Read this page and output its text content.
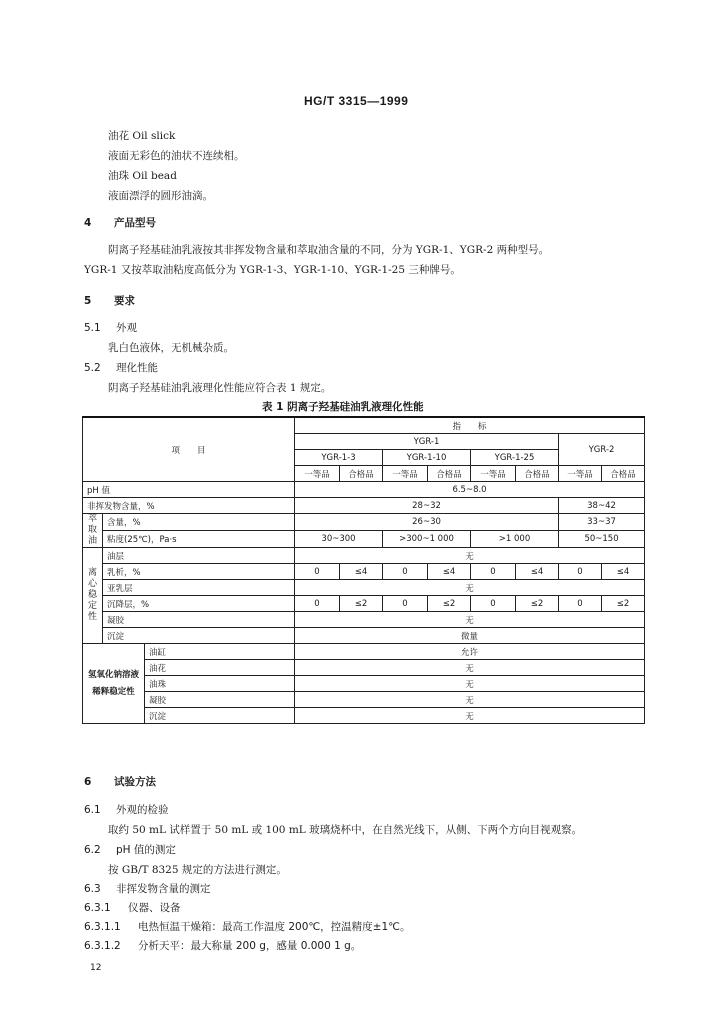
HG/T 3315—1999
油花 Oil slick
液面无彩色的油状不连续相。
油珠 Oil bead
液面漂浮的圆形油滴。
4 产品型号
阴离子羟基硅油乳液按其非挥发物含量和萃取油含量的不同，分为 YGR-1、YGR-2 两种型号。
YGR-1 又按萃取油粘度高低分为 YGR-1-3、YGR-1-10、YGR-1-25 三种牌号。
5 要求
5.1 外观
乳白色液体，无机械杂质。
5.2 理化性能
阴离子羟基硅油乳液理化性能应符合表 1 规定。
表 1 阴离子羟基硅油乳液理化性能
项　　目			指　　标							
			YGR-1						YGR-2	
			YGR-1-3		YGR-1-10		YGR-1-25			
			一等品	合格品	一等品	合格品	一等品	合格品	一等品	合格品
pH 值			6.5~8.0							
非挥发物含量，%			28~32						38~42	
萃取油	含量，%		26~30						33~37	
	粘度(25℃)，Pa·s		30~300		>300~1 000		>1 000		50~150	
离心稳定性	油层		无							
	乳析，%		0	≤4	0	≤4	0	≤4	0	≤4
	亚乳层		无							
	沉降层，%		0	≤2	0	≤2	0	≤2	0	≤2
	凝胶		无							
	沉淀		微量							

氢氧化钠溶液
稀释稳定性		油缸	允许							
		油花	无							
		油珠	无							
		凝胶	无							
		沉淀	无							
6 试验方法
6.1 外观的检验
取约 50 mL 试样置于 50 mL 或 100 mL 玻璃烧杯中，在自然光线下，从侧、下两个方向目视观察。
6.2 pH 值的测定
按 GB/T 8325 规定的方法进行测定。
6.3 非挥发物含量的测定
6.3.1 仪器、设备
6.3.1.1 电热恒温干燥箱：最高工作温度 200℃，控温精度±1℃。
6.3.1.2 分析天平：最大称量 200 g，感量 0.000 1 g。
12
